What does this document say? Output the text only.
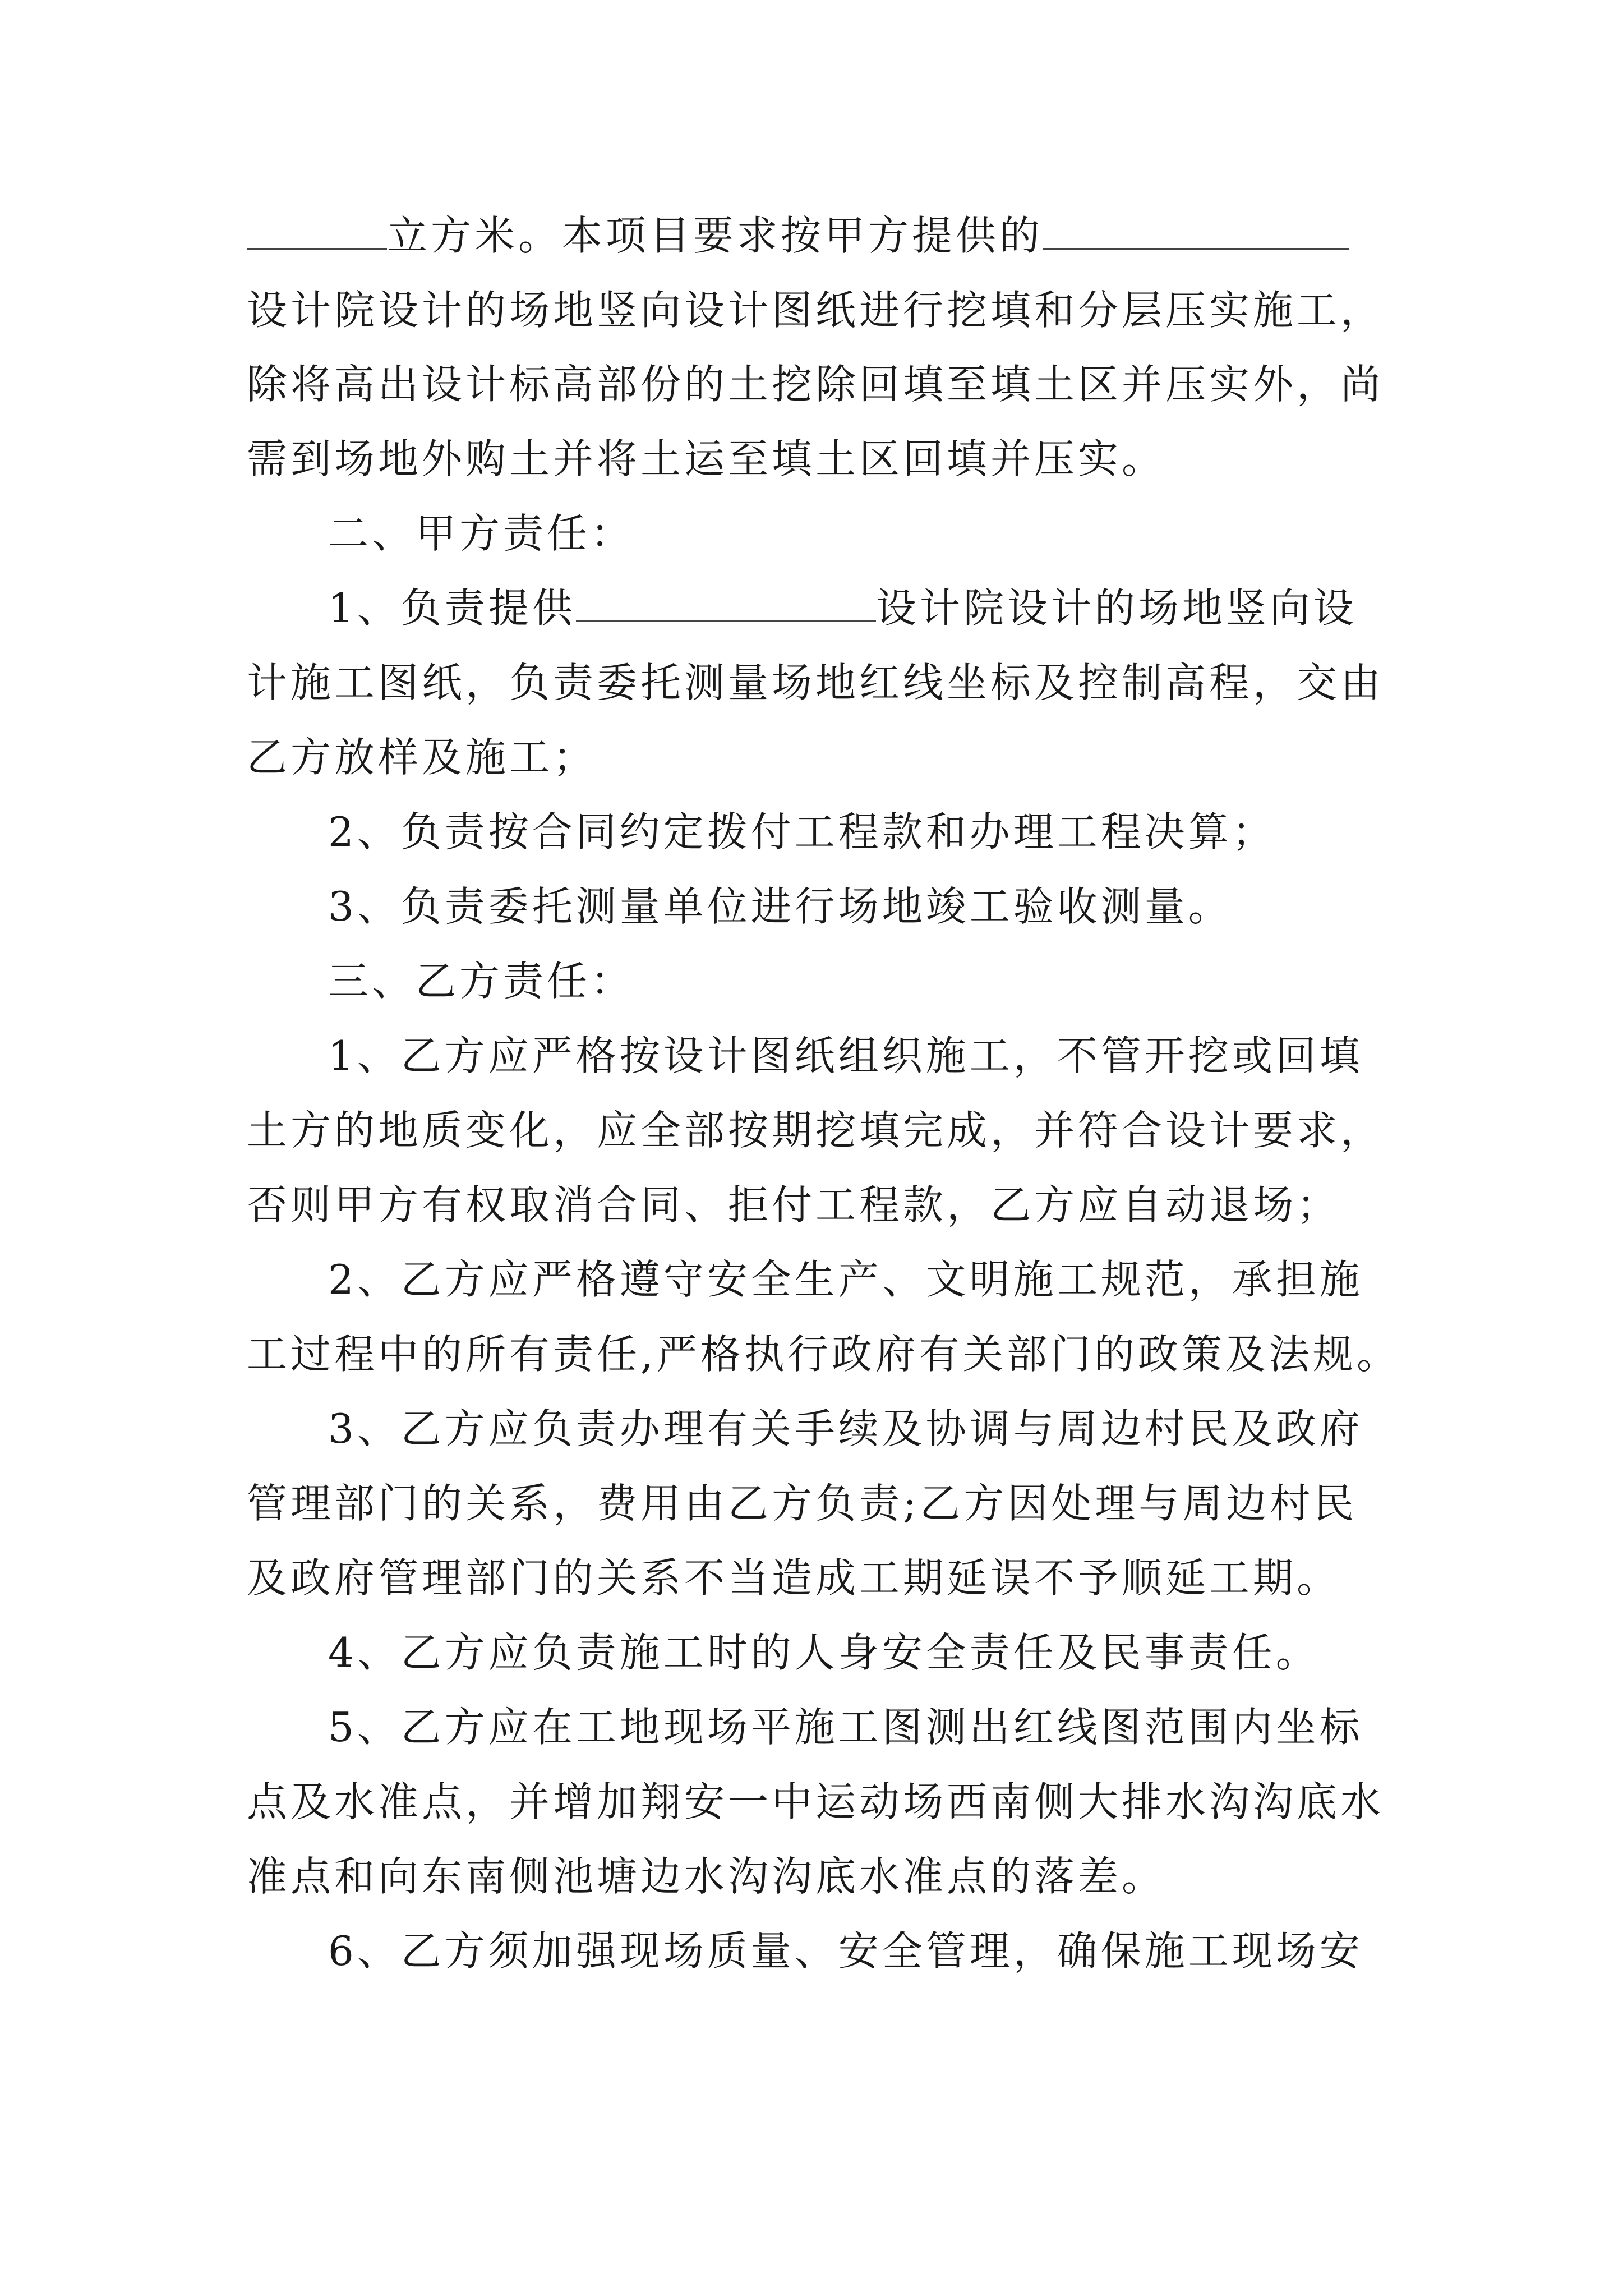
立方米。本项目要求按甲方提供的
设计院设计的场地竖向设计图纸进行挖填和分层压实施工，
除将高出设计标高部份的土挖除回填至填土区并压实外，尚
需到场地外购土并将土运至填土区回填并压实。
二、甲方责任：
1、负责提供	设计院设计的场地竖向设
计施工图纸，负责委托测量场地红线坐标及控制高程，交由
乙方放样及施工；
2、负责按合同约定拨付工程款和办理工程决算；
3、负责委托测量单位进行场地竣工验收测量。
三、乙方责任：
1、乙方应严格按设计图纸组织施工，不管开挖或回填
土方的地质变化，应全部按期挖填完成，并符合设计要求，
否则甲方有权取消合同、拒付工程款，乙方应自动退场；
2、乙方应严格遵守安全生产、文明施工规范，承担施
工过程中的所有责任,严格执行政府有关部门的政策及法规。
3、乙方应负责办理有关手续及协调与周边村民及政府
管理部门的关系，费用由乙方负责;乙方因处理与周边村民
及政府管理部门的关系不当造成工期延误不予顺延工期。
4、乙方应负责施工时的人身安全责任及民事责任。
5、乙方应在工地现场平施工图测出红线图范围内坐标
点及水准点，并增加翔安一中运动场西南侧大排水沟沟底水
准点和向东南侧池塘边水沟沟底水准点的落差。
6、乙方须加强现场质量、安全管理，确保施工现场安
